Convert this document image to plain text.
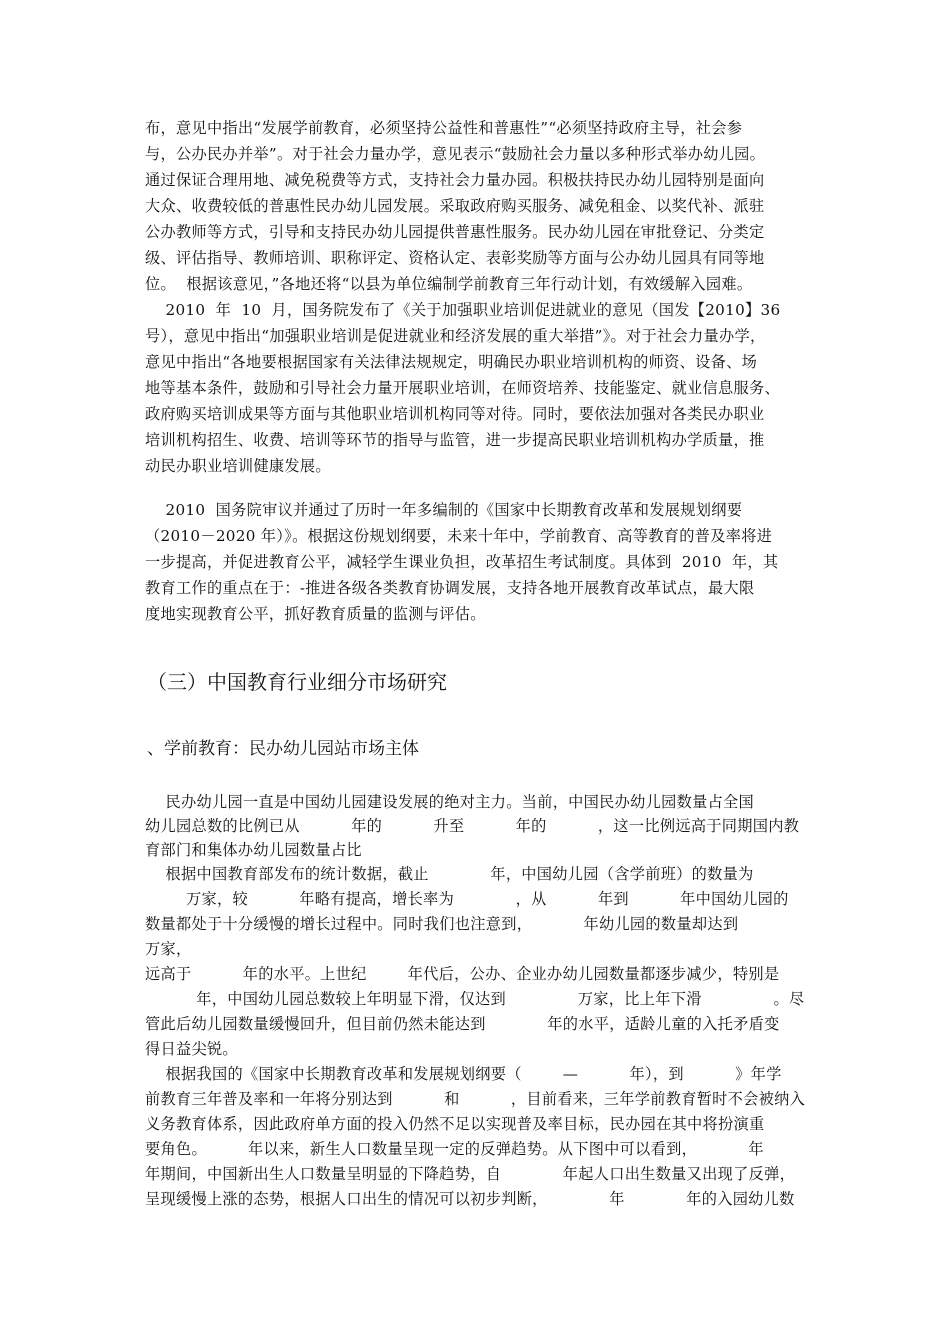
布，意见中指出“发展学前教育，必须坚持公益性和普惠性”“必须坚持政府主导，社会参
与，公办民办并举”。对于社会力量办学，意见表示“鼓励社会力量以多种形式举办幼儿园。
通过保证合理用地、减免税费等方式，支持社会力量办园。积极扶持民办幼儿园特别是面向
大众、收费较低的普惠性民办幼儿园发展。采取政府购买服务、减免租金、以奖代补、派驻
公办教师等方式，引导和支持民办幼儿园提供普惠性服务。民办幼儿园在审批登记、分类定
级、评估指导、教师培训、职称评定、资格认定、表彰奖励等方面与公办幼儿园具有同等地
位。  根据该意见，”各地还将“以县为单位编制学前教育三年行动计划，有效缓解入园难。
2010  年  10  月，国务院发布了《关于加强职业培训促进就业的意见（国发【2010】36
号），意见中指出“加强职业培训是促进就业和经济发展的重大举措”》。对于社会力量办学，
意见中指出“各地要根据国家有关法律法规规定，明确民办职业培训机构的师资、设备、场
地等基本条件，鼓励和引导社会力量开展职业培训，在师资培养、技能鉴定、就业信息服务、
政府购买培训成果等方面与其他职业培训机构同等对待。同时，要依法加强对各类民办职业
培训机构招生、收费、培训等环节的指导与监管，进一步提高民职业培训机构办学质量，推
动民办职业培训健康发展。
2010  国务院审议并通过了历时一年多编制的《国家中长期教育改革和发展规划纲要
（2010－2020 年）》。根据这份规划纲要，未来十年中，学前教育、高等教育的普及率将进
一步提高，并促进教育公平，减轻学生课业负担，改革招生考试制度。具体到  2010  年，其
教育工作的重点在于：-推进各级各类教育协调发展，支持各地开展教育改革试点，最大限
度地实现教育公平，抓好教育质量的监测与评估。
（三）中国教育行业细分市场研究
、学前教育：民办幼儿园站市场主体
民办幼儿园一直是中国幼儿园建设发展的绝对主力。当前，中国民办幼儿园数量占全国
幼儿园总数的比例已从          年的          升至          年的          ，这一比例远高于同期国内教
育部门和集体办幼儿园数量占比
根据中国教育部发布的统计数据，截止            年，中国幼儿园（含学前班）的数量为
万家，较          年略有提高，增长率为            ，从          年到          年中国幼儿园的
数量都处于十分缓慢的增长过程中。同时我们也注意到，          年幼儿园的数量却达到
万家，
远高于          年的水平。上世纪        年代后，公办、企业办幼儿园数量都逐步减少，特别是
年，中国幼儿园总数较上年明显下滑，仅达到              万家，比上年下滑              。尽
管此后幼儿园数量缓慢回升，但目前仍然未能达到            年的水平，适龄儿童的入托矛盾变
得日益尖锐。
根据我国的《国家中长期教育改革和发展规划纲要（        —          年），到          》年学
前教育三年普及率和一年将分别达到          和          ，目前看来，三年学前教育暂时不会被纳入
义务教育体系，因此政府单方面的投入仍然不足以实现普及率目标，民办园在其中将扮演重
要角色。        年以来，新生人口数量呈现一定的反弹趋势。从下图中可以看到，          年
年期间，中国新出生人口数量呈明显的下降趋势，自            年起人口出生数量又出现了反弹，
呈现缓慢上涨的态势，根据人口出生的情况可以初步判断，            年            年的入园幼儿数
